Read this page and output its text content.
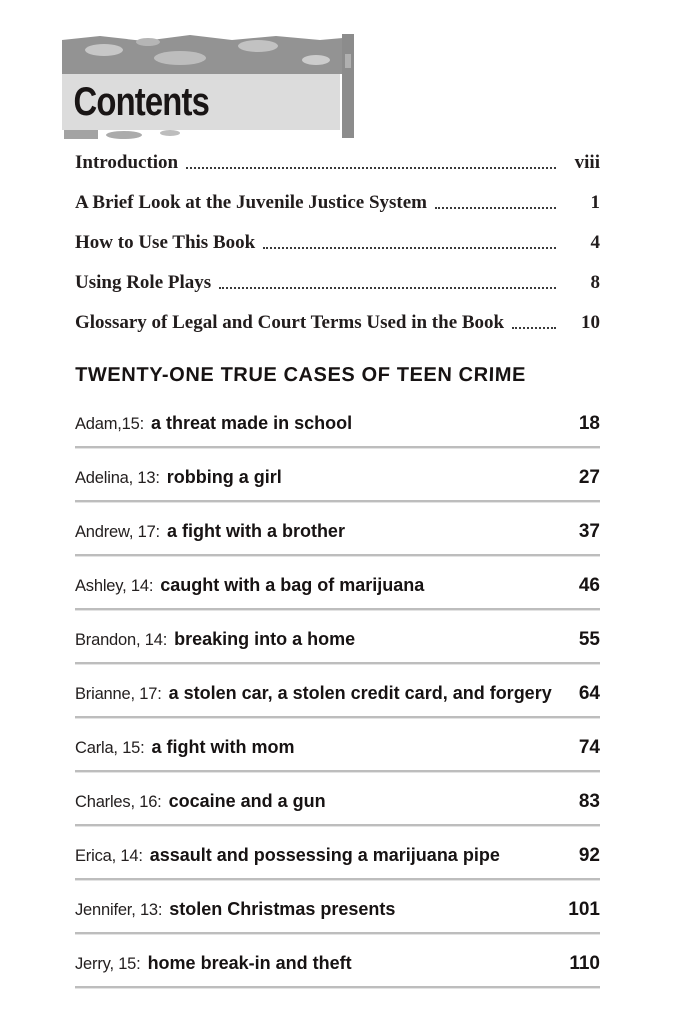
Contents
Introduction	viii
A Brief Look at the Juvenile Justice System	1
How to Use This Book	4
Using Role Plays	8
Glossary of Legal and Court Terms Used in the Book	10
TWENTY-ONE TRUE CASES OF TEEN CRIME
Adam,15: a threat made in school	18
Adelina, 13: robbing a girl	27
Andrew, 17: a fight with a brother	37
Ashley, 14: caught with a bag of marijuana	46
Brandon, 14: breaking into a home	55
Brianne, 17: a stolen car, a stolen credit card, and forgery	64
Carla, 15: a fight with mom	74
Charles, 16: cocaine and a gun	83
Erica, 14: assault and possessing a marijuana pipe	92
Jennifer, 13: stolen Christmas presents	101
Jerry, 15: home break-in and theft	110
